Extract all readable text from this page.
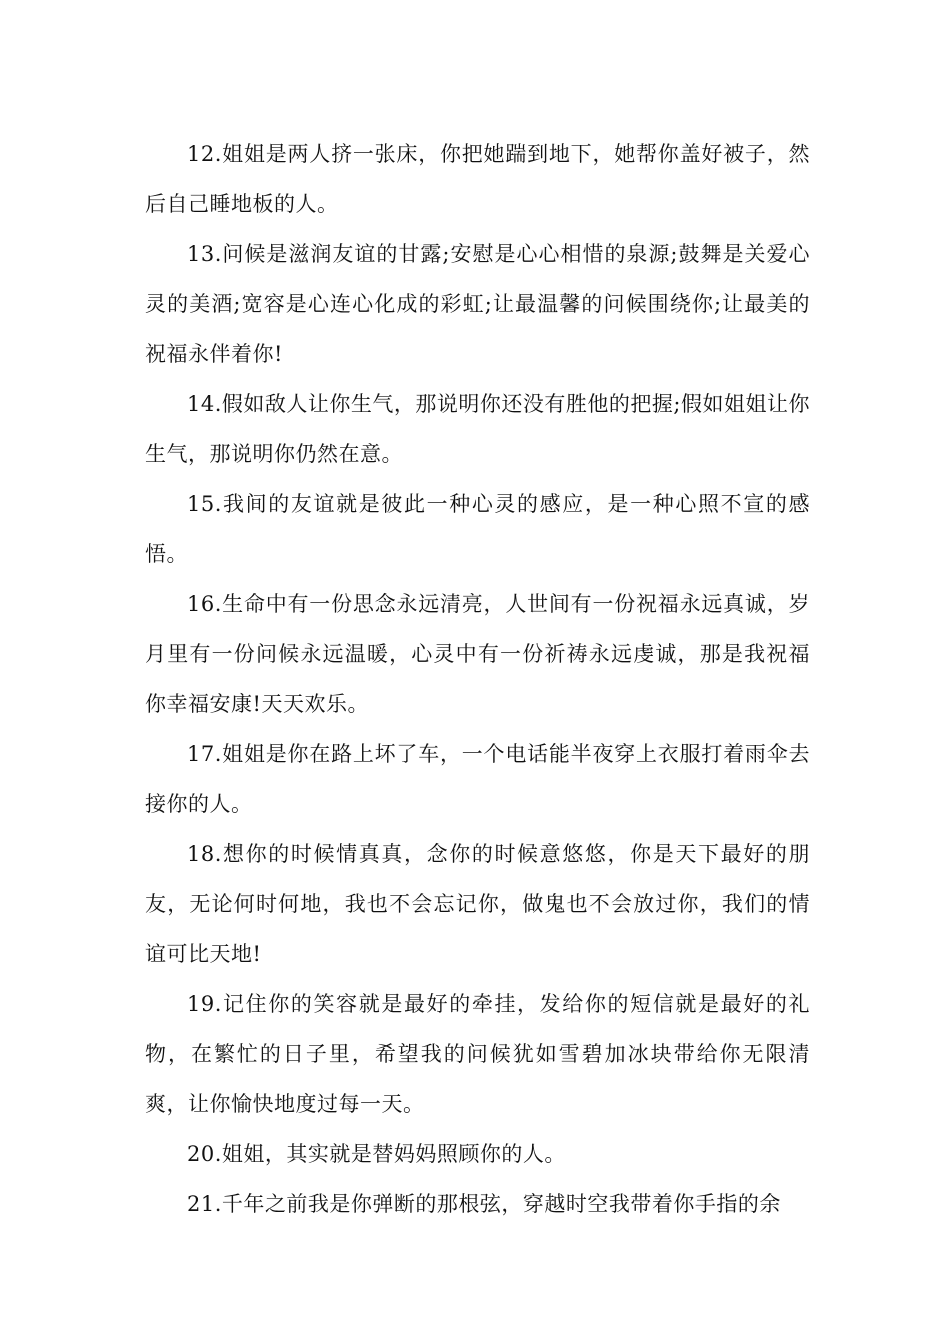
12.姐姐是两人挤一张床，你把她踹到地下，她帮你盖好被子，然后自己睡地板的人。

13.问候是滋润友谊的甘露;安慰是心心相惜的泉源;鼓舞是关爱心灵的美酒;宽容是心连心化成的彩虹;让最温馨的问候围绕你;让最美的祝福永伴着你!

14.假如敌人让你生气，那说明你还没有胜他的把握;假如姐姐让你生气，那说明你仍然在意。

15.我间的友谊就是彼此一种心灵的感应，是一种心照不宣的感悟。

16.生命中有一份思念永远清亮，人世间有一份祝福永远真诚，岁月里有一份问候永远温暖，心灵中有一份祈祷永远虔诚，那是我祝福你幸福安康!天天欢乐。

17.姐姐是你在路上坏了车，一个电话能半夜穿上衣服打着雨伞去接你的人。

18.想你的时候情真真，念你的时候意悠悠，你是天下最好的朋友，无论何时何地，我也不会忘记你，做鬼也不会放过你，我们的情谊可比天地!

19.记住你的笑容就是最好的牵挂，发给你的短信就是最好的礼物，在繁忙的日子里，希望我的问候犹如雪碧加冰块带给你无限清爽，让你愉快地度过每一天。

20.姐姐，其实就是替妈妈照顾你的人。

21.千年之前我是你弹断的那根弦，穿越时空我带着你手指的余
